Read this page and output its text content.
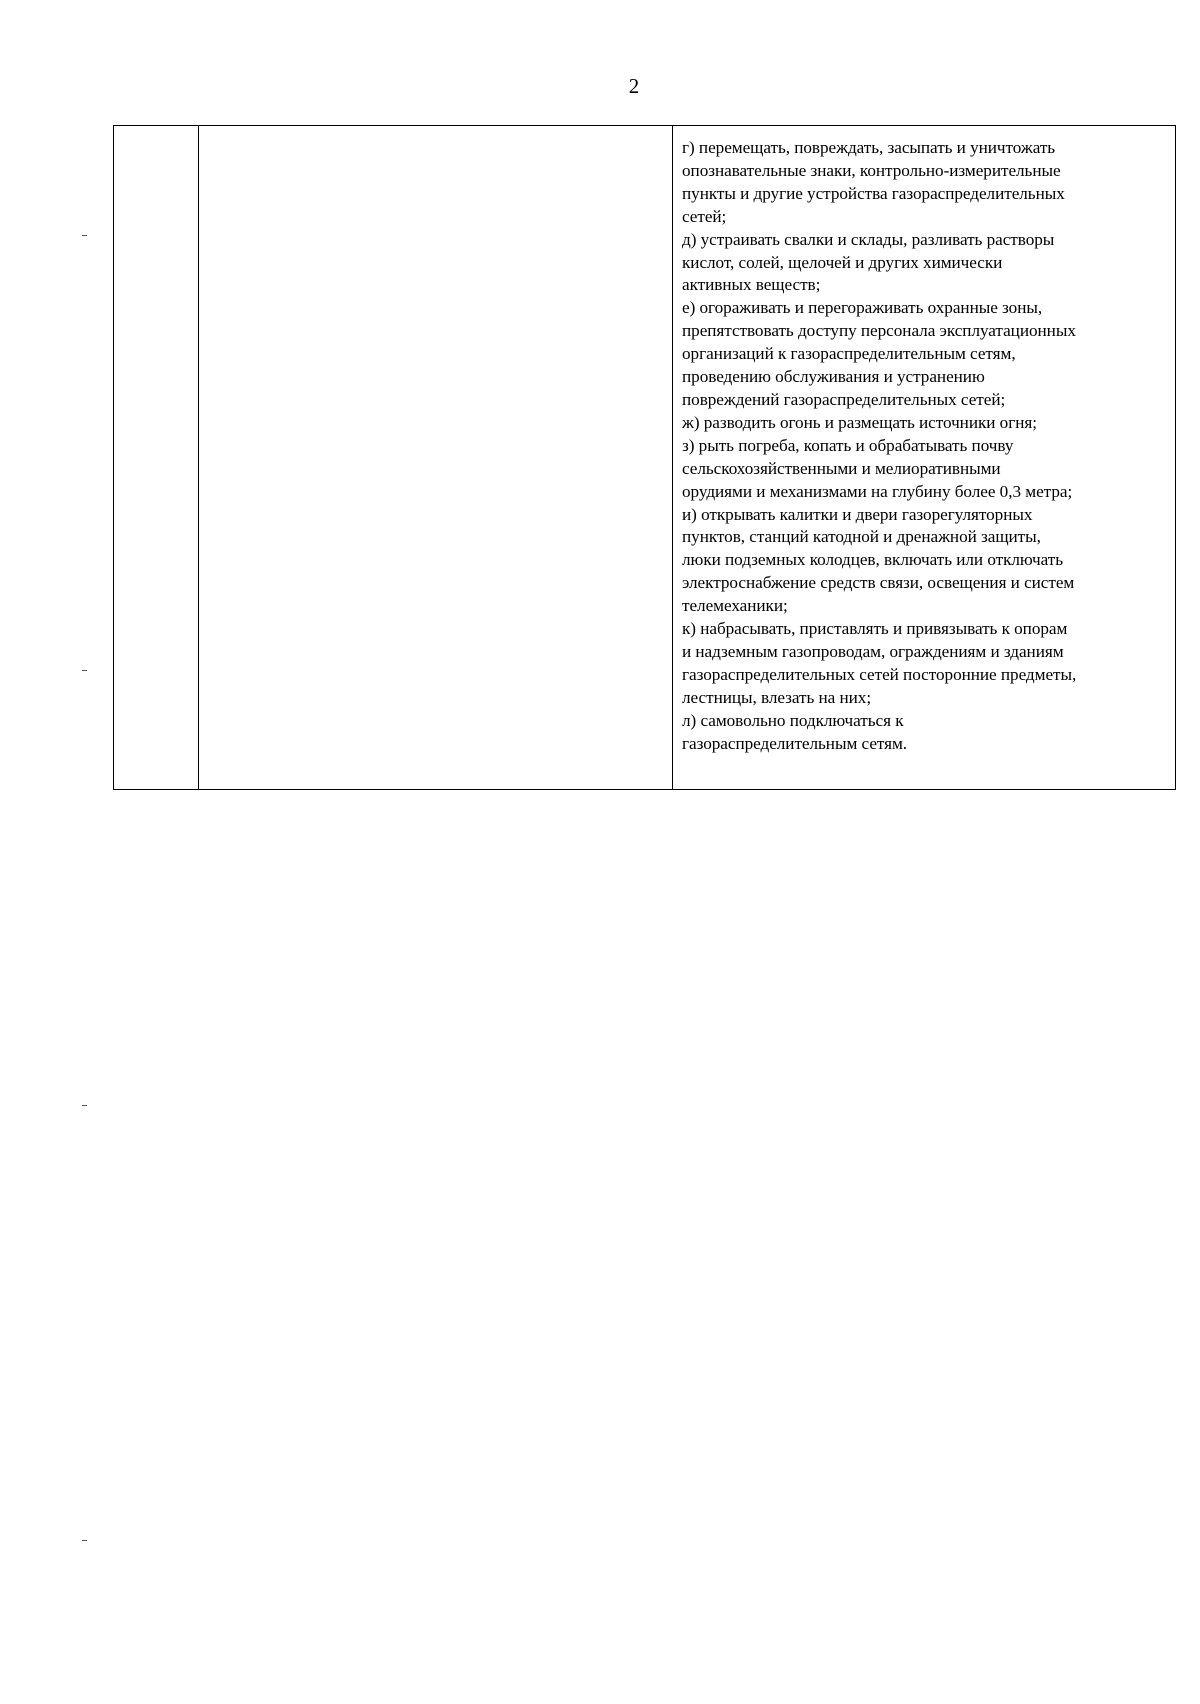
2

г) перемещать, повреждать, засыпать и уничтожать
опознавательные знаки, контрольно-измерительные
пункты и другие устройства газораспределительных
сетей;
д) устраивать свалки и склады, разливать растворы
кислот, солей, щелочей и других химически
активных веществ;
е) огораживать и перегораживать охранные зоны,
препятствовать доступу персонала эксплуатационных
организаций к газораспределительным сетям,
проведению обслуживания и устранению
повреждений газораспределительных сетей;
ж) разводить огонь и размещать источники огня;
з) рыть погреба, копать и обрабатывать почву
сельскохозяйственными и мелиоративными
орудиями и механизмами на глубину более 0,3 метра;
и) открывать калитки и двери газорегуляторных
пунктов, станций катодной и дренажной защиты,
люки подземных колодцев, включать или отключать
электроснабжение средств связи, освещения и систем
телемеханики;
к) набрасывать, приставлять и привязывать к опорам
и надземным газопроводам, ограждениям и зданиям
газораспределительных сетей посторонние предметы,
лестницы, влезать на них;
л) самовольно подключаться к
газораспределительным сетям.
